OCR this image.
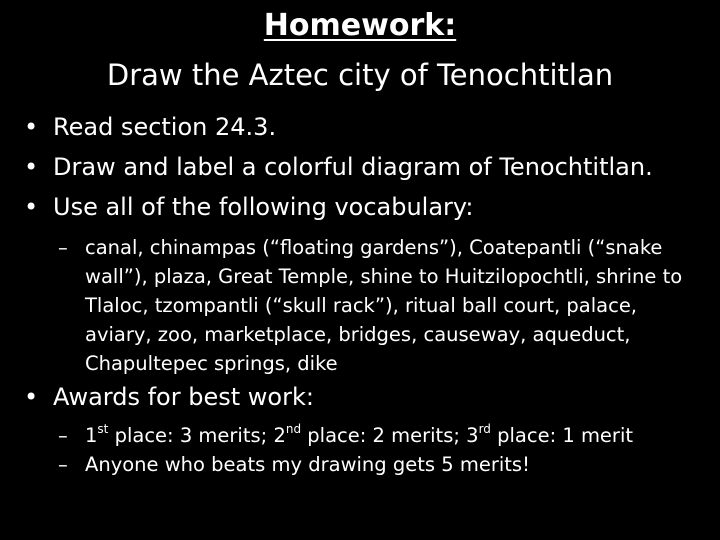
Homework:
Draw the Aztec city of Tenochtitlan
• Read section 24.3.
• Draw and label a colorful diagram of Tenochtitlan.
• Use all of the following vocabulary:
– canal, chinampas (“floating gardens”), Coatepantli (“snake wall”), plaza, Great Temple, shine to Huitzilopochtli, shrine to Tlaloc, tzompantli (“skull rack”), ritual ball court, palace, aviary, zoo, marketplace, bridges, causeway, aqueduct, Chapultepec springs, dike
• Awards for best work:
– 1st place: 3 merits; 2nd place: 2 merits; 3rd place: 1 merit
– Anyone who beats my drawing gets 5 merits!
